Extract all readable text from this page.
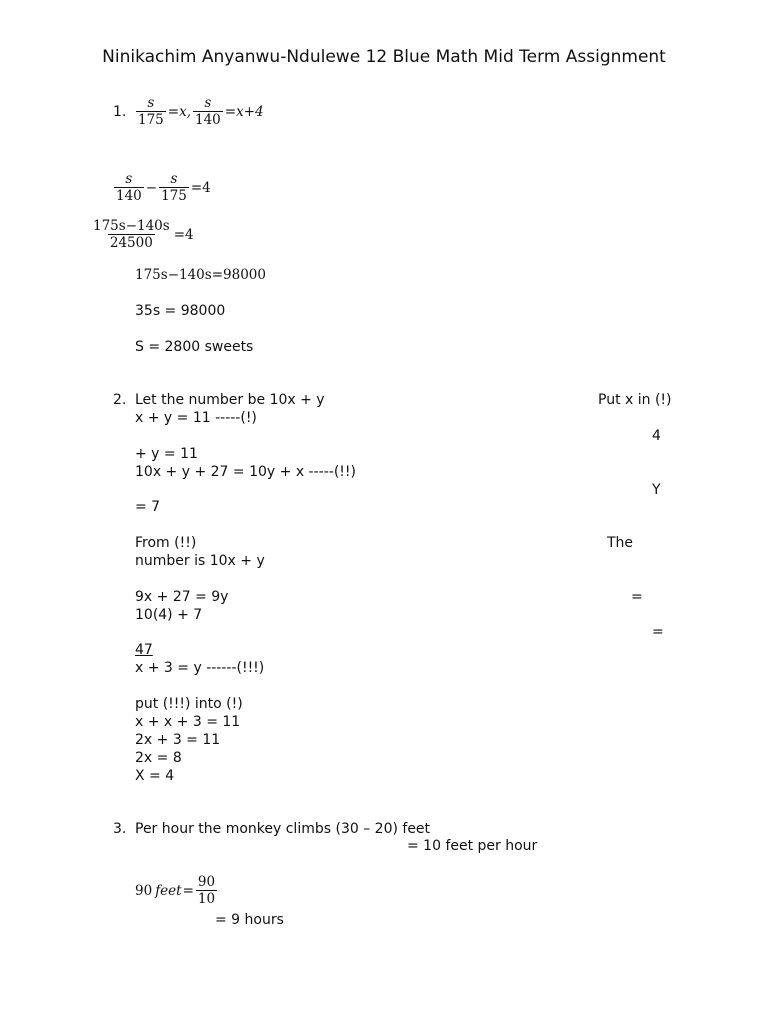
Ninikachim Anyanwu-Ndulewe 12 Blue Math Mid Term Assignment
1. $\frac{s}{175} =x$, $\frac{s}{140} =x+4$
$\frac{s}{140} - \frac{s}{175} =4$
$\frac{175s-140s}{24500} =4$
175s−140s=98000
35s = 98000
S = 2800 sweets
2. Let the number be 10x + y
x + y = 11 -----(!)
+ y = 11
10x + y + 27 = 10y + x -----(!!)
= 7
From (!!)
number is 10x + y
9x + 27 = 9y
10(4) + 7
47
x + 3 = y ------(!!!)
put (!!!) into (!)
x + x + 3 = 11
2x + 3 = 11
2x = 8
X = 4
Put x in (!)
4
Y
The
=
=
3. Per hour the monkey climbs (30 – 20) feet
= 10 feet per hour
90 feet = $\frac{90}{10}$
= 9 hours
